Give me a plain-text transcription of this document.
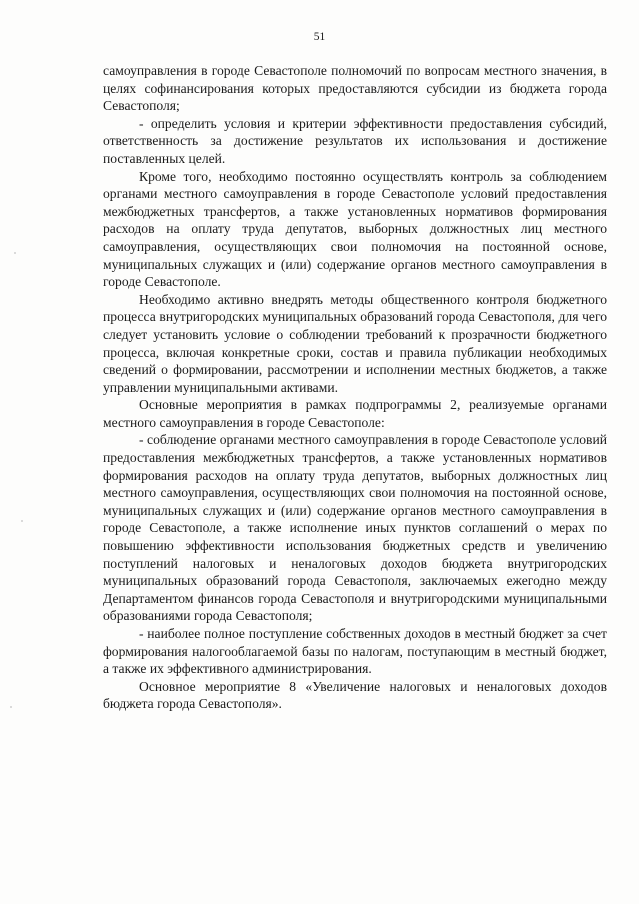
51

самоуправления в городе Севастополе полномочий по вопросам местного значения, в целях софинансирования которых предоставляются субсидии из бюджета города Севастополя;

- определить условия и критерии эффективности предоставления субсидий, ответственность за достижение результатов их использования и достижение поставленных целей.

Кроме того, необходимо постоянно осуществлять контроль за соблюдением органами местного самоуправления в городе Севастополе условий предоставления межбюджетных трансфертов, а также установленных нормативов формирования расходов на оплату труда депутатов, выборных должностных лиц местного самоуправления, осуществляющих свои полномочия на постоянной основе, муниципальных служащих и (или) содержание органов местного самоуправления в городе Севастополе.

Необходимо активно внедрять методы общественного контроля бюджетного процесса внутригородских муниципальных образований города Севастополя, для чего следует установить условие о соблюдении требований к прозрачности бюджетного процесса, включая конкретные сроки, состав и правила публикации необходимых сведений о формировании, рассмотрении и исполнении местных бюджетов, а также управлении муниципальными активами.

Основные мероприятия в рамках подпрограммы 2, реализуемые органами местного самоуправления в городе Севастополе:

- соблюдение органами местного самоуправления в городе Севастополе условий предоставления межбюджетных трансфертов, а также установленных нормативов формирования расходов на оплату труда депутатов, выборных должностных лиц местного самоуправления, осуществляющих свои полномочия на постоянной основе, муниципальных служащих и (или) содержание органов местного самоуправления в городе Севастополе, а также исполнение иных пунктов соглашений о мерах по повышению эффективности использования бюджетных средств и увеличению поступлений налоговых и неналоговых доходов бюджета внутригородских муниципальных образований города Севастополя, заключаемых ежегодно между Департаментом финансов города Севастополя и внутригородскими муниципальными образованиями города Севастополя;

- наиболее полное поступление собственных доходов в местный бюджет за счет формирования налогооблагаемой базы по налогам, поступающим в местный бюджет, а также их эффективного администрирования.

Основное мероприятие 8 «Увеличение налоговых и неналоговых доходов бюджета города Севастополя».
